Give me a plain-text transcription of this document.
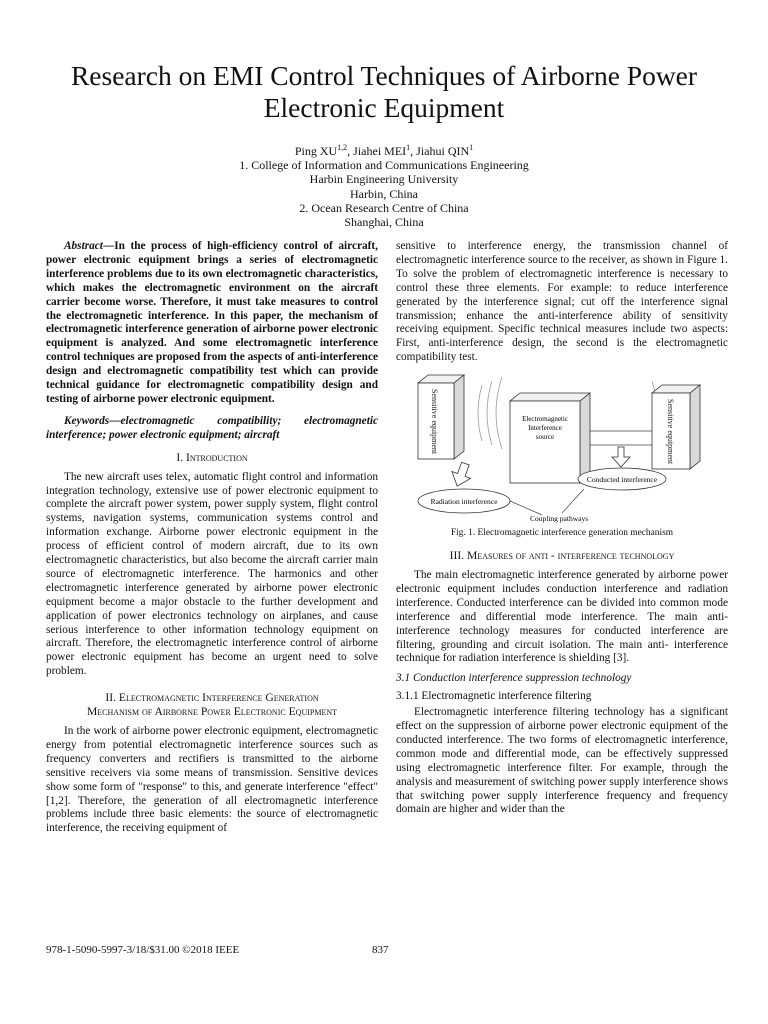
Research on EMI Control Techniques of Airborne Power Electronic Equipment
Ping XU$^{1,2}$, Jiahei MEI$^1$, Jiahui QIN$^1$
1. College of Information and Communications Engineering
Harbin Engineering University
Harbin, China
2. Ocean Research Centre of China
Shanghai, China

Abstract—In the process of high-efficiency control of aircraft, power electronic equipment brings a series of electromagnetic interference problems due to its own electromagnetic characteristics, which makes the electromagnetic environment on the aircraft carrier become worse. Therefore, it must take measures to control the electromagnetic interference. In this paper, the mechanism of electromagnetic interference generation of airborne power electronic equipment is analyzed. And some electromagnetic interference control techniques are proposed from the aspects of anti-interference design and electromagnetic compatibility test which can provide technical guidance for electromagnetic compatibility design and testing of airborne power electronic equipment.

Keywords—electromagnetic compatibility; electromagnetic interference; power electronic equipment; aircraft

I. Introduction

The new aircraft uses telex, automatic flight control and information integration technology, extensive use of power electronic equipment to complete the aircraft power system, power supply system, flight control systems, navigation systems, communication systems control and information exchange. Airborne power electronic equipment in the process of efficient control of modern aircraft, due to its own electromagnetic characteristics, but also become the aircraft carrier main source of electromagnetic interference. The harmonics and other electromagnetic interference generated by airborne power electronic equipment become a major obstacle to the further development and application of power electronics technology on airplanes, and cause serious interference to other information technology equipment on aircraft. Therefore, the electromagnetic interference control of airborne power electronic equipment has become an urgent need to solve problem.

II. Electromagnetic Interference Generation
Mechanism of Airborne Power Electronic Equipment

In the work of airborne power electronic equipment, electromagnetic energy from potential electromagnetic interference sources such as frequency converters and rectifiers is transmitted to the airborne sensitive receivers via some means of transmission. Sensitive devices show some form of "response" to this, and generate interference "effect" [1,2]. Therefore, the generation of all electromagnetic interference problems include three basic elements: the source of electromagnetic interference, the receiving equipment of

sensitive to interference energy, the transmission channel of electromagnetic interference source to the receiver, as shown in Figure 1. To solve the problem of electromagnetic interference is necessary to control these three elements. For example: to reduce interference generated by the interference signal; cut off the interference signal transmission; enhance the anti-interference ability of sensitivity receiving equipment. Specific technical measures include two aspects: First, anti-interference design, the second is the electromagnetic compatibility test.

Sensitive equipment	Electromagnetic
Interference
source	Sensitive equipment
Radiation interference
Conducted interference
Coupling pathways

Fig. 1. Electromagnetic interference generation mechanism

III. Measures of anti - interference technology

The main electromagnetic interference generated by airborne power electronic equipment includes conduction interference and radiation interference. Conducted interference can be divided into common mode interference and differential mode interference. The main anti-interference technology measures for conducted interference are filtering, grounding and circuit isolation. The main anti- interference technique for radiation interference is shielding [3].

3.1 Conduction interference suppression technology

3.1.1 Electromagnetic interference filtering

Electromagnetic interference filtering technology has a significant effect on the suppression of airborne power electronic equipment of the conducted interference. The two forms of electromagnetic interference, common mode and differential mode, can be effectively suppressed using electromagnetic interference filter. For example, through the analysis and measurement of switching power supply interference shows that switching power supply interference frequency and frequency domain are higher and wider than the

978-1-5090-5997-3/18/$31.00 ©2018 IEEE	837
